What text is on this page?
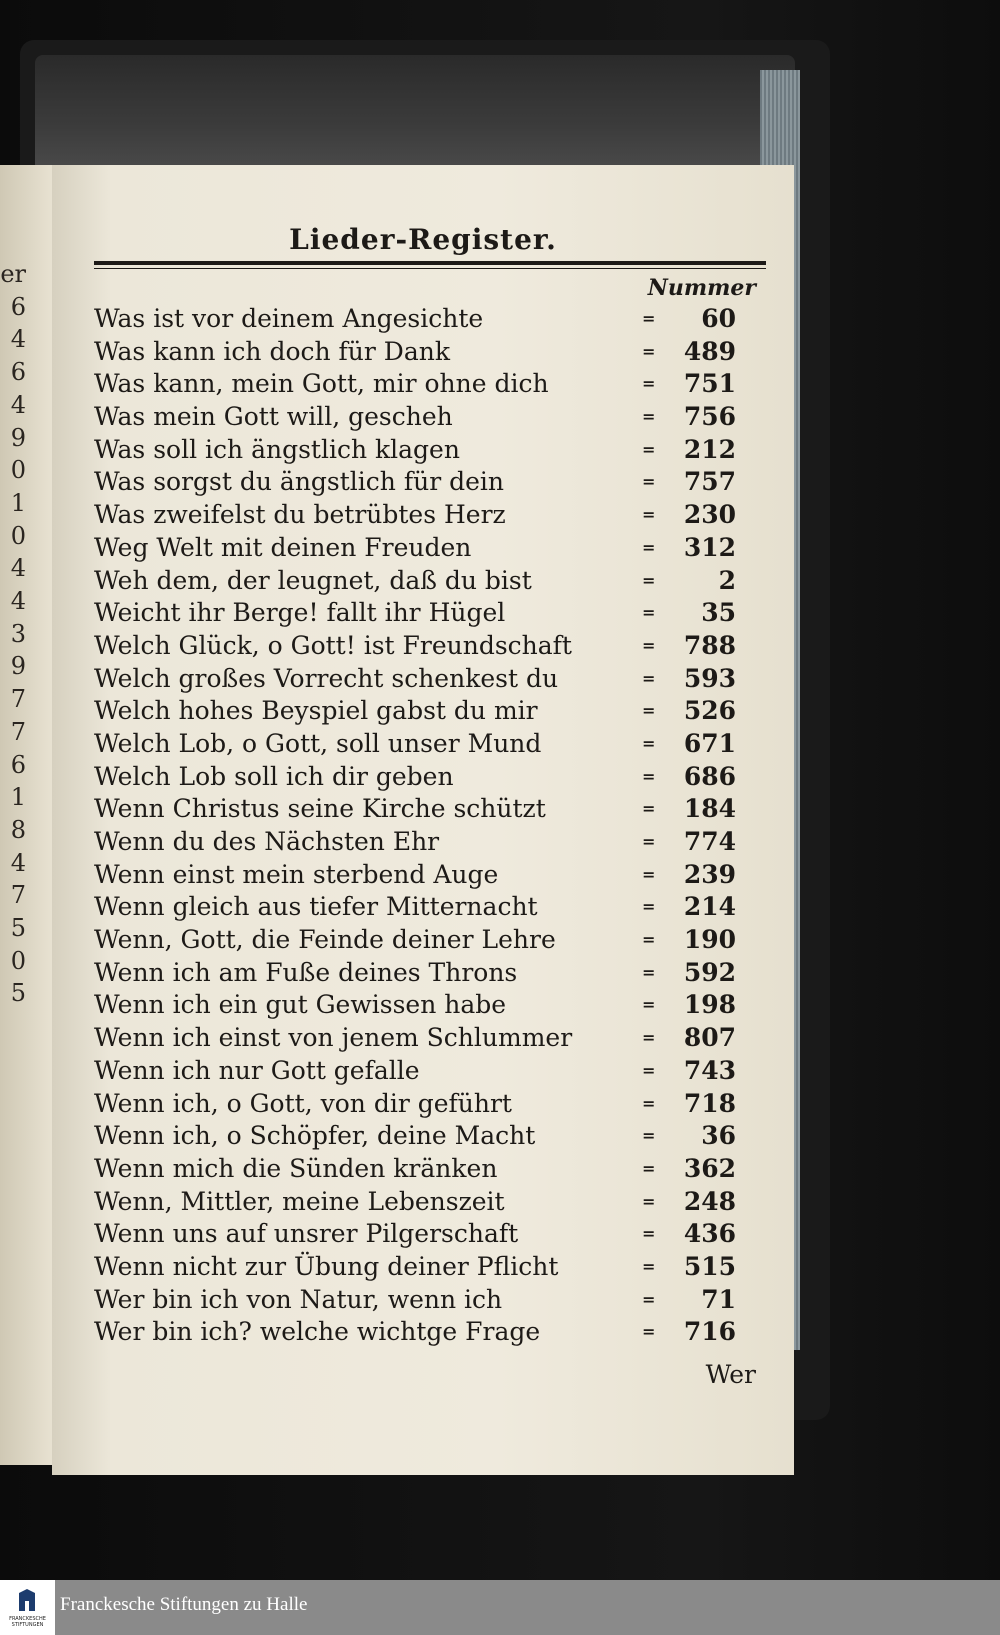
er
6
4
6
4
9
0
1
0
4
4
3
9
7
7
6
1
8
4
7
5
0
5
Lieder-Register.
Nummer
Was ist vor deinem Angesichte	=	60
Was kann ich doch für Dank	=	489
Was kann, mein Gott, mir ohne dich	=	751
Was mein Gott will, gescheh	=	756
Was soll ich ängstlich klagen	=	212
Was sorgst du ängstlich für dein	=	757
Was zweifelst du betrübtes Herz	=	230
Weg Welt mit deinen Freuden	=	312
Weh dem, der leugnet, daß du bist	=	2
Weicht ihr Berge! fallt ihr Hügel	=	35
Welch Glück, o Gott! ist Freundschaft	=	788
Welch großes Vorrecht schenkest du	=	593
Welch hohes Beyspiel gabst du mir	=	526
Welch Lob, o Gott, soll unser Mund	=	671
Welch Lob soll ich dir geben	=	686
Wenn Christus seine Kirche schützt	=	184
Wenn du des Nächsten Ehr	=	774
Wenn einst mein sterbend Auge	=	239
Wenn gleich aus tiefer Mitternacht	=	214
Wenn, Gott, die Feinde deiner Lehre	=	190
Wenn ich am Fuße deines Throns	=	592
Wenn ich ein gut Gewissen habe	=	198
Wenn ich einst von jenem Schlummer	=	807
Wenn ich nur Gott gefalle	=	743
Wenn ich, o Gott, von dir geführt	=	718
Wenn ich, o Schöpfer, deine Macht	=	36
Wenn mich die Sünden kränken	=	362
Wenn, Mittler, meine Lebenszeit	=	248
Wenn uns auf unsrer Pilgerschaft	=	436
Wenn nicht zur Übung deiner Pflicht	=	515
Wer bin ich von Natur, wenn ich	=	71
Wer bin ich? welche wichtge Frage	=	716
Wer
FRANCKESCHE
STIFTUNGEN
Franckesche Stiftungen zu Halle
